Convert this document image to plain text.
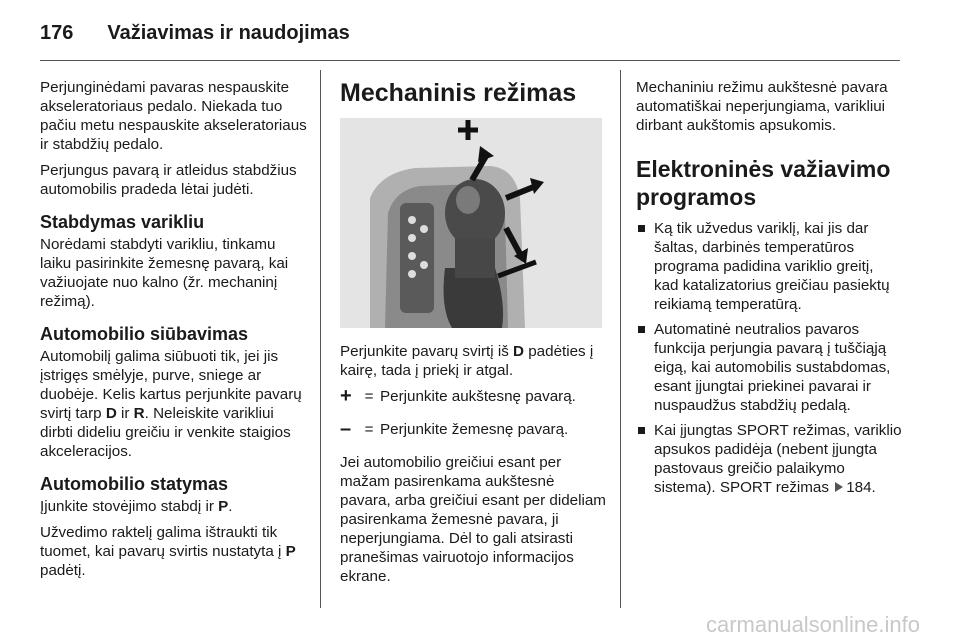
176 Važiavimas ir naudojimas

Perjunginėdami pavaras nespauskite akseleratoriaus pedalo. Niekada tuo pačiu metu nespauskite akseleratoriaus ir stabdžių pedalo.

Perjungus pavarą ir atleidus stabdžius automobilis pradeda lėtai judėti.

Stabdymas varikliu

Norėdami stabdyti varikliu, tinkamu laiku pasirinkite žemesnę pavarą, kai važiuojate nuo kalno (žr. mechaninį režimą).

Automobilio siūbavimas

Automobilį galima siūbuoti tik, jei jis įstrigęs smėlyje, purve, sniege ar duobėje. Kelis kartus perjunkite pavarų svirtį tarp D ir R. Neleiskite varikliui dirbti dideliu greičiu ir venkite staigios akceleracijos.

Automobilio statymas

Įjunkite stovėjimo stabdį ir P.

Užvedimo raktelį galima ištraukti tik tuomet, kai pavarų svirtis nustatyta į P padėtį.

Mechaninis režimas

Perjunkite pavarų svirtį iš D padėties į kairę, tada į priekį ir atgal.

+ = Perjunkite aukštesnę pavarą.
– = Perjunkite žemesnę pavarą.

Jei automobilio greičiui esant per mažam pasirenkama aukštesnė pavara, arba greičiui esant per dideliam pasirenkama žemesnė pavara, ji neperjungiama. Dėl to gali atsirasti pranešimas vairuotojo informacijos ekrane.

Mechaniniu režimu aukštesnė pavara automatiškai neperjungiama, varikliui dirbant aukštomis apsukomis.

Elektroninės važiavimo programos
Ką tik užvedus variklį, kai jis dar šaltas, darbinės temperatūros programa padidina variklio greitį, kad katalizatorius greičiau pasiektų reikiamą temperatūrą.
Automatinė neutralios pavaros funkcija perjungia pavarą į tuščiąją eigą, kai automobilis sustabdomas, esant įjungtai priekinei pavarai ir nuspaudžus stabdžių pedalą.
Kai įjungtas SPORT režimas, variklio apsukos padidėja (nebent įjungta pastovaus greičio palaikymo sistema). SPORT režimas 184.
carmanualsonline.info
